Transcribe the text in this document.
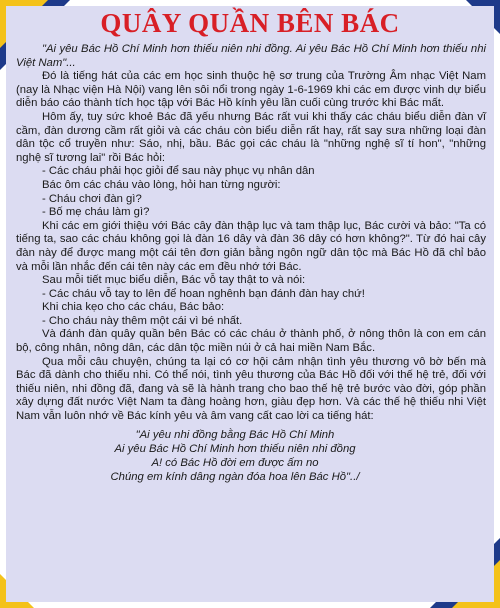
QUÂY QUẦN BÊN BÁC

"Ai yêu Bác Hồ Chí Minh hơn thiếu niên nhi đồng. Ai yêu Bác Hồ Chí Minh hơn thiếu nhi Việt Nam"...

Đó là tiếng hát của các em học sinh thuộc hệ sơ trung của Trường Âm nhạc Việt Nam (nay là Nhạc viện Hà Nội) vang lên sôi nổi trong ngày 1-6-1969 khi các em được vinh dự biểu diễn báo cáo thành tích học tập với Bác Hồ kính yêu lần cuối cùng trước khi Bác mất.

Hôm ấy, tuy sức khoẻ Bác đã yếu nhưng Bác rất vui khi thấy các cháu biểu diễn đàn vĩ cầm, đàn dương cầm rất giỏi và các cháu còn biểu diễn rất hay, rất say sưa những loại đàn dân tộc cổ truyền như: Sáo, nhị, bầu. Bác gọi các cháu là "những nghệ sĩ tí hon", "những nghệ sĩ tương lai" rồi Bác hỏi:

- Các cháu phải học giỏi để sau này phục vụ nhân dân

Bác ôm các cháu vào lòng, hỏi han từng người:

- Cháu chơi đàn gì?

- Bố mẹ cháu làm gì?

Khi các em giới thiệu với Bác cây đàn thập lục và tam thập lục, Bác cười và bảo: "Ta có tiếng ta, sao các cháu không gọi là đàn 16 dây và đàn 36 dây có hơn không?". Từ đó hai cây đàn này để được mang một cái tên đơn giản bằng ngôn ngữ dân tộc mà Bác Hồ đã chỉ bảo và mỗi lần nhắc đến cái tên này các em đều nhớ tới Bác.

Sau mỗi tiết mục biểu diễn, Bác vỗ tay thật to và nói:

- Các cháu vỗ tay to lên để hoan nghênh bạn đánh đàn hay chứ!

Khi chia kẹo cho các cháu, Bác bảo:

- Cho cháu này thêm một cái vì bé nhất.

Và đánh đàn quây quần bên Bác có các cháu ở thành phố, ở nông thôn là con em cán bộ, công nhân, nông dân, các dân tộc miền núi ở cả hai miền Nam Bắc.

Qua mỗi câu chuyện, chúng ta lại có cơ hội cảm nhận tình yêu thương vô bờ bến mà Bác đã dành cho thiếu nhi. Có thể nói, tình yêu thương của Bác Hồ đối với thế hệ trẻ, đối với thiếu niên, nhi đồng đã, đang và sẽ là hành trang cho bao thế hệ trẻ bước vào đời, góp phần xây dựng đất nước Việt Nam ta đàng hoàng hơn, giàu đẹp hơn. Và các thế hệ thiếu nhi Việt Nam vẫn luôn nhớ về Bác kính yêu và âm vang cất cao lời ca tiếng hát:

"Ai yêu nhi đồng bằng Bác Hồ Chí Minh
Ai yêu Bác Hồ Chí Minh hơn thiếu niên nhi đồng
A! có Bác Hồ đời em được ấm no
Chúng em kính dâng ngàn đóa hoa lên Bác Hồ"../
